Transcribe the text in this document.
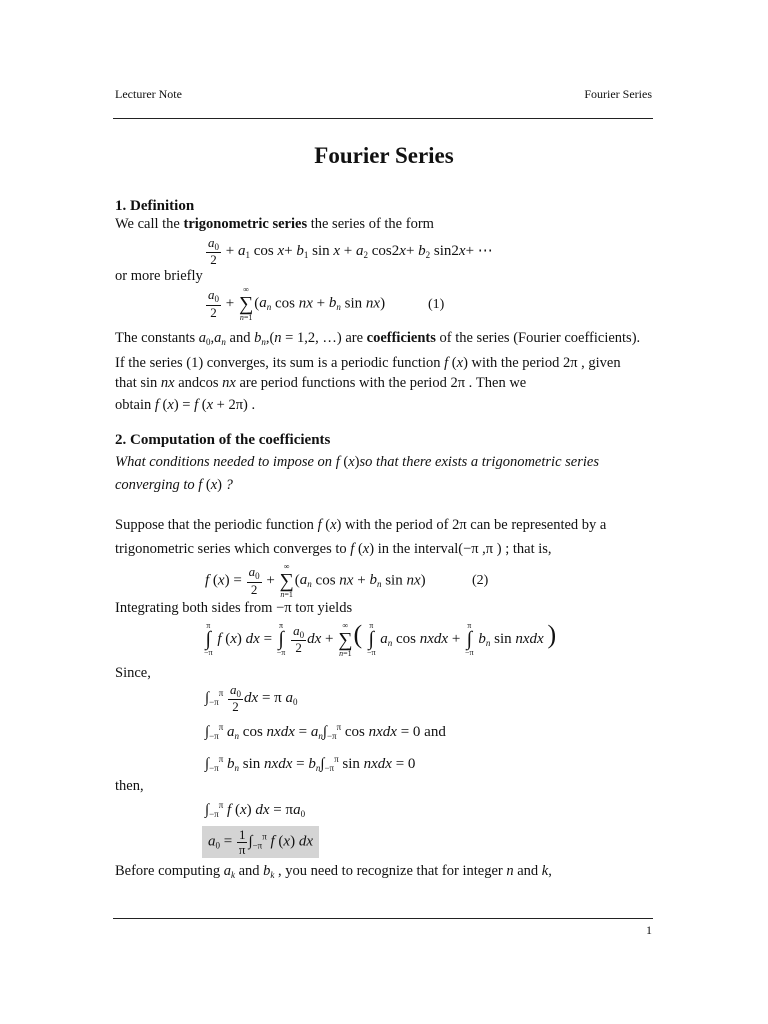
Lecturer Note	Fourier Series
Fourier Series
1. Definition
We call the trigonometric series the series of the form
$\frac{a_0}{2} + a_1$ $\cos x+ b_1$ $\sin x + a_2$ $\cos 2x+ b_2$ sin2x+ ⋯
or more briefly
$\frac{a_0}{2}$ +
∞
∑
n=1
($a_n$ cos nx + $b_n$ sin nx)	(1)
The constants $a_0,a_n$ and $b_n,(n = 1,2$, …) are coefficients of the series (Fourier coefficients).
If the series (1) converges, its sum is a periodic function f (x) with the period 2π , given
that sin nx andcos nx are period functions with the period 2π . Then we
obtain f (x) = f (x + 2π) .
2. Computation of the coefficients
What conditions needed to impose on f (x)so that there exists a trigonometric series
converging to f (x) ?
Suppose that the periodic function f (x) with the period of 2π can be represented by a
trigonometric series which converges to f (x) in the interval(−π ,π ) ; that is,
f $(x) = \frac{a_0}{2}$ +
∞
∑
n=1
($a_n$ cos nx + $b_n$ sin nx)	(2)
Integrating both sides from −π toπ yields
π
∫
−π
f (x) dx =
π
∫
−π
$\frac{a_0}{2}$ dx +
∞
∑
n=1
( π
∫
−π
$a_n$ cos nxdx +
π
∫
−π
$b_n$ sin nxdx )
Since,
$\int_{-\pi}^\pi \frac{a_0}{2}$ dx = π $a_0$
$\int_{-\pi}^\pi$ $a_n$ cos nxdx = $a_n\int_{-\pi}^\pi$ cos nxdx = 0 and
$\int_{-\pi}^\pi$ $b_n$ sin nxdx = $b_n\int_{-\pi}^\pi$ sin nxdx = 0
then,
$\int_{-\pi}^\pi$ f (x) dx = $\pi a_0$
$a_0 = \frac{1}{\pi} \int_{-\pi}^\pi$ f (x) dx
Before computing $a_k$ and $b_k$ , you need to recognize that for integer n and k,
1
